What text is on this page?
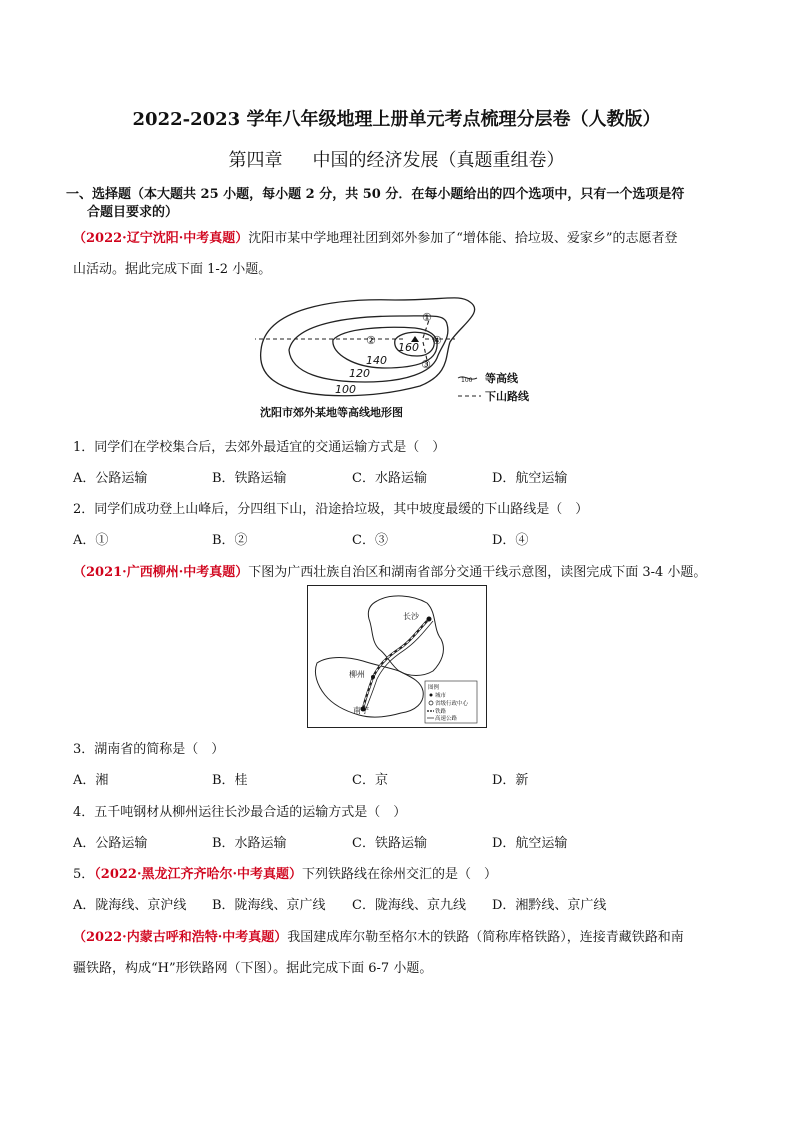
2022-2023 学年八年级地理上册单元考点梳理分层卷（人教版）
第四章 中国的经济发展（真题重组卷）
一、选择题（本大题共 25 小题，每小题 2 分，共 50 分．在每小题给出的四个选项中，只有一个选项是符
合题目要求的）
（2022·辽宁沈阳·中考真题）沈阳市某中学地理社团到郊外参加了“增体能、拾垃圾、爱家乡”的志愿者登
山活动。据此完成下面 1-2 小题。
①
②
③
④
160
140
120
100
100 等高线
下山路线
沈阳市郊外某地等高线地形图
1．同学们在学校集合后，去郊外最适宜的交通运输方式是（　）
A．公路运输	B．铁路运输	C．水路运输	D．航空运输
2．同学们成功登上山峰后，分四组下山，沿途拾垃圾，其中坡度最缓的下山路线是（　）
A．①	B．②	C．③	D．④
（2021·广西柳州·中考真题）下图为广西壮族自治区和湖南省部分交通干线示意图，读图完成下面 3-4 小题。
长沙
柳州
南宁
图例
城市
省级行政中心
铁路
高速公路
3．湖南省的简称是（　）
A．湘	B．桂	C．京	D．新
4．五千吨钢材从柳州运往长沙最合适的运输方式是（　）
A．公路运输	B．水路运输	C．铁路运输	D．航空运输
5．（2022·黑龙江齐齐哈尔·中考真题）下列铁路线在徐州交汇的是（　）
A．陇海线、京沪线 B．陇海线、京广线 C．陇海线、京九线 D．湘黔线、京广线
（2022·内蒙古呼和浩特·中考真题）我国建成库尔勒至格尔木的铁路（简称库格铁路），连接青藏铁路和南
疆铁路，构成“H”形铁路网（下图）。据此完成下面 6-7 小题。
